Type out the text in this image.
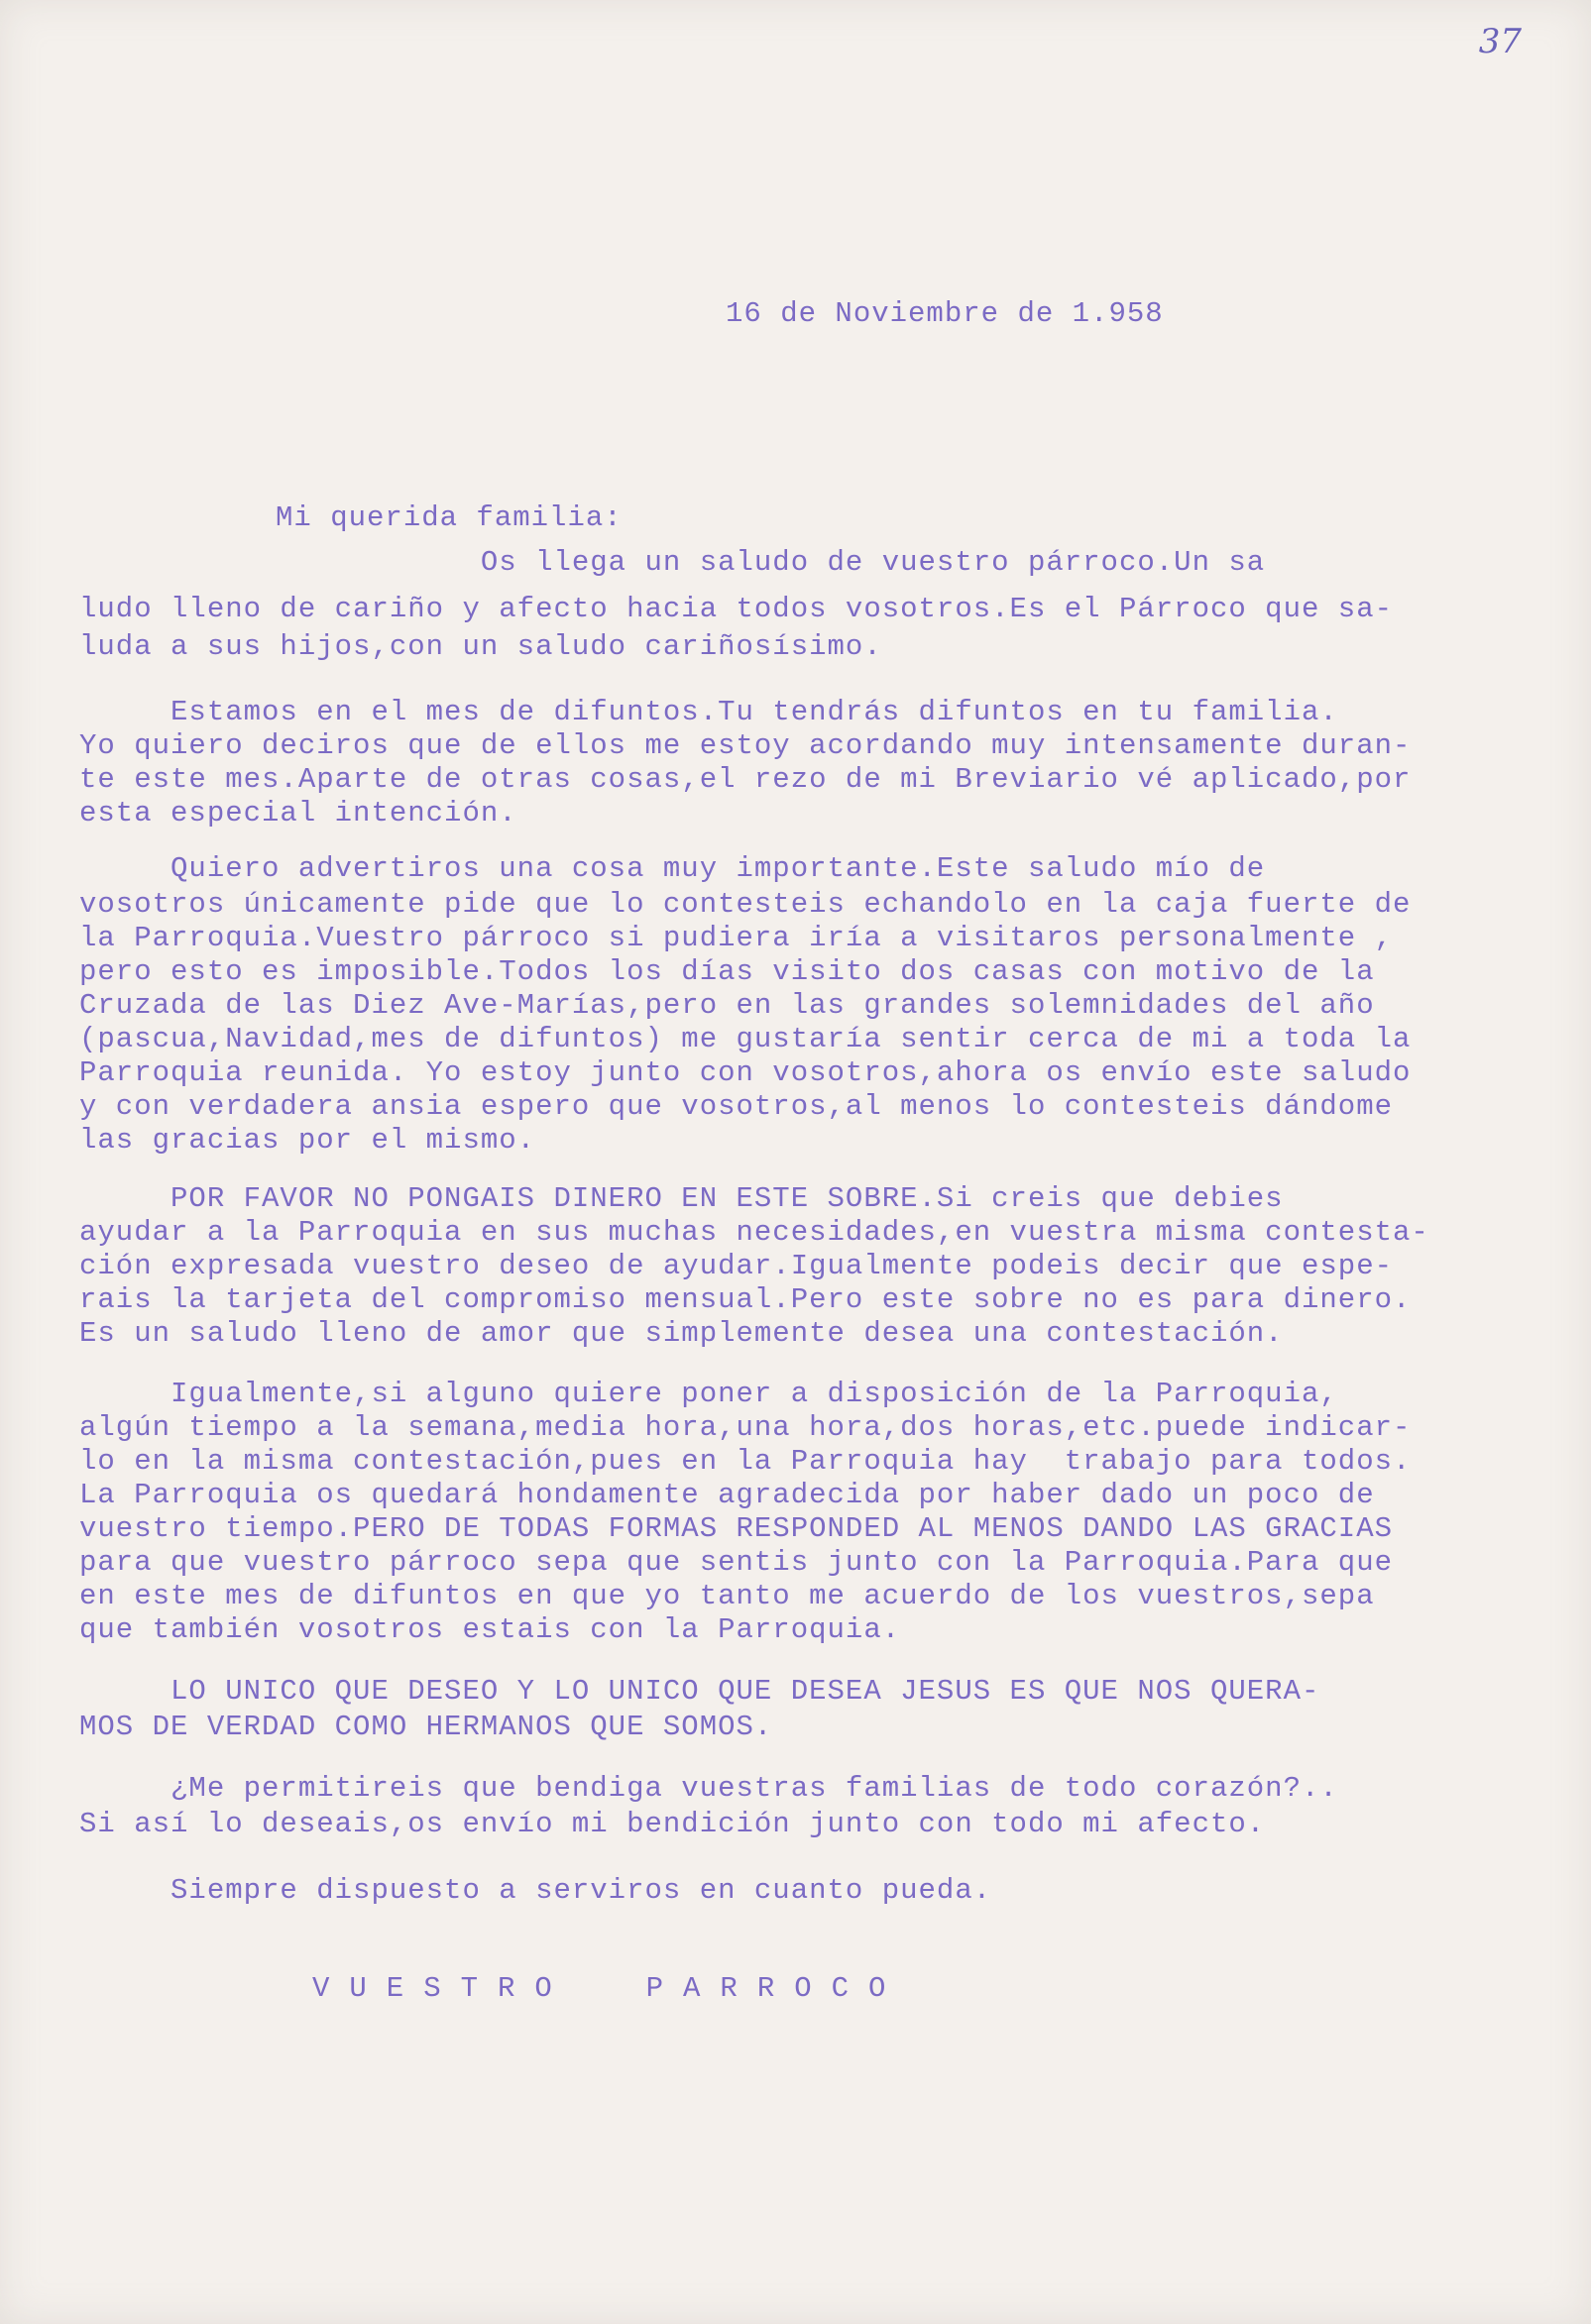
37

16 de Noviembre de 1.958

Mi querida familia:

Os llega un saludo de vuestro párroco.Un sa

ludo lleno de cariño y afecto hacia todos vosotros.Es el Párroco que sa-

luda a sus hijos,con un saludo cariñosísimo.

Estamos en el mes de difuntos.Tu tendrás difuntos en tu familia.

Yo quiero deciros que de ellos me estoy acordando muy intensamente duran-

te este mes.Aparte de otras cosas,el rezo de mi Breviario vé aplicado,por

esta especial intención.

Quiero advertiros una cosa muy importante.Este saludo mío de

vosotros únicamente pide que lo contesteis echandolo en la caja fuerte de

la Parroquia.Vuestro párroco si pudiera iría a visitaros personalmente ,

pero esto es imposible.Todos los días visito dos casas con motivo de la

Cruzada de las Diez Ave-Marías,pero en las grandes solemnidades del año

(pascua,Navidad,mes de difuntos) me gustaría sentir cerca de mi a toda la

Parroquia reunida. Yo estoy junto con vosotros,ahora os envío este saludo

y con verdadera ansia espero que vosotros,al menos lo contesteis dándome

las gracias por el mismo.

POR FAVOR NO PONGAIS DINERO EN ESTE SOBRE.Si creis que debies

ayudar a la Parroquia en sus muchas necesidades,en vuestra misma contesta-

ción expresada vuestro deseo de ayudar.Igualmente podeis decir que espe-

rais la tarjeta del compromiso mensual.Pero este sobre no es para dinero.

Es un saludo lleno de amor que simplemente desea una contestación.

Igualmente,si alguno quiere poner a disposición de la Parroquia,

algún tiempo a la semana,media hora,una hora,dos horas,etc.puede indicar-

lo en la misma contestación,pues en la Parroquia hay  trabajo para todos.

La Parroquia os quedará hondamente agradecida por haber dado un poco de

vuestro tiempo.PERO DE TODAS FORMAS RESPONDED AL MENOS DANDO LAS GRACIAS

para que vuestro párroco sepa que sentis junto con la Parroquia.Para que

en este mes de difuntos en que yo tanto me acuerdo de los vuestros,sepa

que también vosotros estais con la Parroquia.

LO UNICO QUE DESEO Y LO UNICO QUE DESEA JESUS ES QUE NOS QUERA-

MOS DE VERDAD COMO HERMANOS QUE SOMOS.

¿Me permitireis que bendiga vuestras familias de todo corazón?..

Si así lo deseais,os envío mi bendición junto con todo mi afecto.

Siempre dispuesto a serviros en cuanto pueda.

VUESTRO  PARROCO
